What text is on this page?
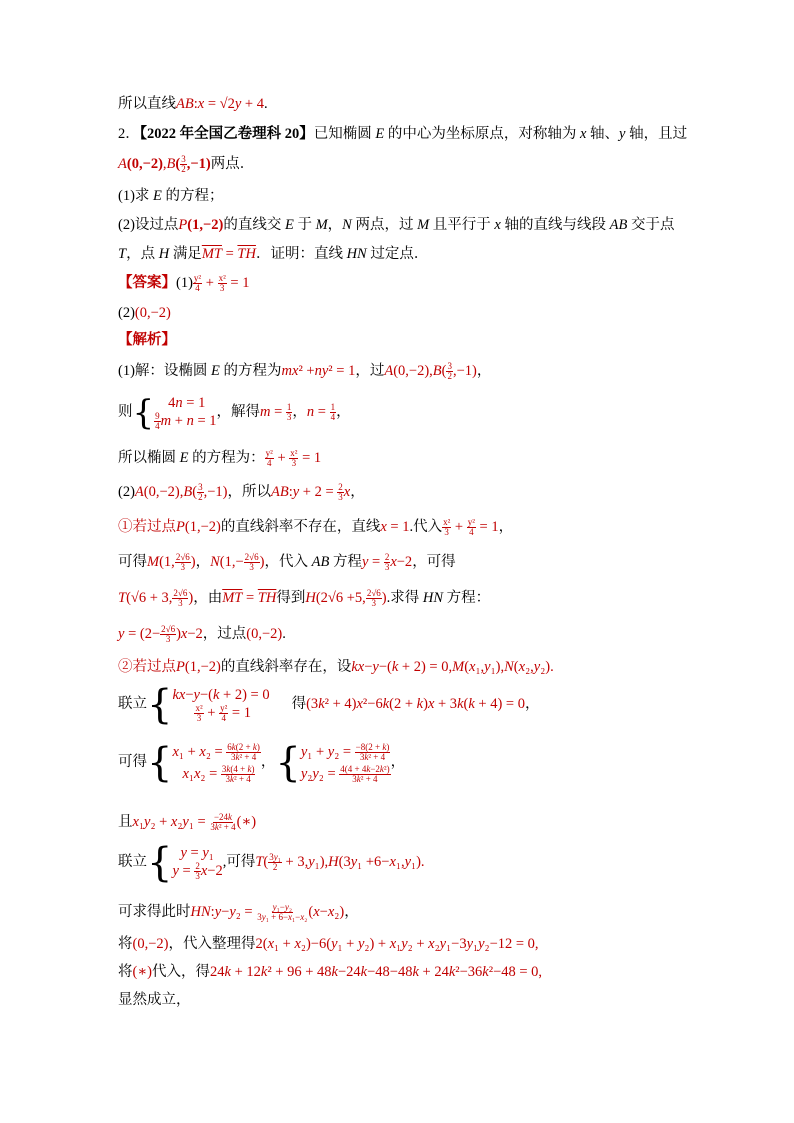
所以直线AB:x = √2y + 4.
2．【2022 年全国乙卷理科 20】已知椭圆 E 的中心为坐标原点，对称轴为 x 轴、y 轴，且过
$A(0,-2),B( \frac{3}{2} ,-1)$两点．
(1)求 E 的方程；
(2)设过点P(1,−2)的直线交 E 于 M，N 两点，过 M 且平行于 x 轴的直线与线段 AB 交于点
T，点 H 满足$\overline{MT} = \overline{TH}$．证明：直线 HN 过定点．
【答案】$(1) \frac{\text{y²}}{4} + \frac{\text{x²}}{3} = 1$
(2)(0,−2)
【解析】
(1)解：设椭圆 E 的方程为mx² +ny² = 1，过$A(0,-2),B( \frac{3}{2} ,-1)$，
则 { 4n = 1
$\frac{9}{4}$ m + n = 1
，解得$m = \frac{1}{3}$ ，$n = \frac{1}{4}$ ，
所以椭圆 E 的方程为： $\frac{\text{y²}}{4} + \frac{\text{x²}}{3} = 1$
$(2)A(0,-2),B( \frac{3}{2} ,-1)$，所以AB:y + $2 = \frac{2}{3}$ x，
①若过点P(1,−2)的直线斜率不存在，直线x = 1.代入 $\frac{\text{x²}}{3} + \frac{\text{y²}}{4} = 1$，
可得M(1, $\frac{2√6}{3}$ )，$N(1,- \frac{2√6}{3}$ )，代入 AB 方程$y = \frac{2}{3} x-2$，可得
T(√6 + 3, $\frac{2√6}{3}$ )，由$\overline{MT} = \overline{TH}$得到H(2√6 +5, $\frac{2√6}{3}$ ).求得 HN 方程：
$y = (2- \frac{2√6}{3} )x-2$，过点(0,−2).
②若过点P(1,−2)的直线斜率存在，设kx−y−(k + 2) = 0,M(x₁,y₁),N(x₂,y₂).
联立 { kx−y−(k + 2) = 0
$\frac{\text{x²}}{3} + \frac{\text{y²}}{4} = 1$
得(3k² + 4)x²−6k(2 + k)x + 3k(k + 4) = 0，
可得 { $x_1 + x_2 = \frac{6k(2 + k)}{\text{3k² + 4}}$
$x_1x_2 = \frac{3k(4 + k)}{\text{3k² + 4}}$
， { $y_1 + y_2 = \frac{-8(2 + k)}{\text{3k² + 4}}$
$y_2y_2 = \frac{\text{4(4 + 4k−2k²)}}{\text{3k² + 4}}$
，
且$x_1y_2 + x_2y_1 = \frac{-24k}{\text{3k² + 4}}$ (∗)
联立 { y = y₁
$y = \frac{2}{3} x-2$
,可得$T( \frac{\text{3y₁}}{2} + 3,y_1),H(3y_1 +6-x_1,y_1)$.
可求得此时HN:y−y₂ = $\frac{\text{y₁−y₂}}{\text{3y₁ + 6−x₁−x₂}} (x-x_2)$，
将(0,−2)，代入整理得2(x₁ + x₂)−6(y₁ + y₂) + x₁y₂ + x₂y₁−3y₁y₂−12 = 0,
将(∗)代入，得24k + 12k² + 96 + 48k−24k−48−48k + 24k²−36k²−48 = 0,
显然成立，
